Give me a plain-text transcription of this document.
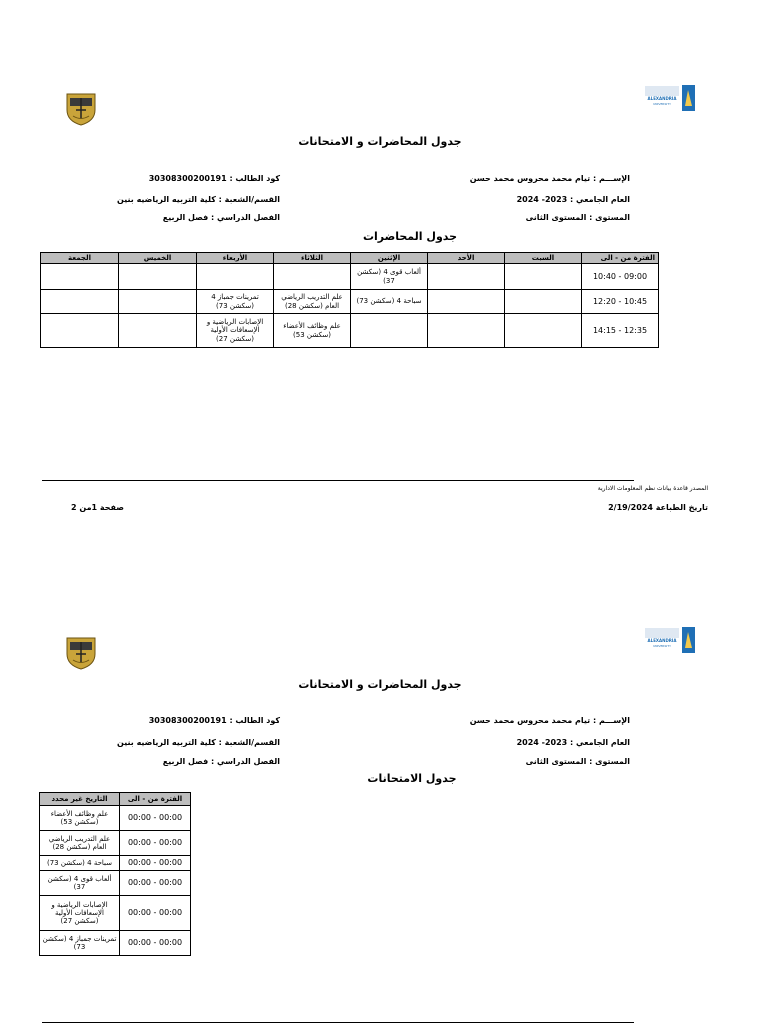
ALEXANDRIA
UNIVERSITY
جدول المحاضرات و الامتحانات
الإســـم : تيام محمد محروس محمد حسن
كود الطالب : 30308300200191
العام الجامعي : 2023- 2024
القسم/الشعبة : كلية التربيه الرياضيه بنين
المستوى : المستوى الثانى
الفصل الدراسي : فصل الربيع
جدول المحاضرات
الفترة من - الى	السبت	الأحد	الإثنين	الثلاثاء	الأربعاء	الخميس	الجمعة
09:00 - 10:40			ألعاب قوى 4 (سكشن 37)				
10:45 - 12:20			سباحة 4 (سكشن 73)	علم التدريب الرياضي العام (سكشن 28)	تمرينات جمباز 4 (سكشن 73)		
12:35 - 14:15				علم وظائف الأعضاء (سكشن 53)	الإصابات الرياضية و الإسعافات الأولية (سكشن 27)		
المصدر قاعدة بيانات نظم المعلومات الادارية
تاريخ الطباعة 2/19/2024
صفحة 1من 2
ALEXANDRIA
UNIVERSITY
جدول المحاضرات و الامتحانات
الإســـم : تيام محمد محروس محمد حسن
كود الطالب : 30308300200191
العام الجامعي : 2023- 2024
القسم/الشعبة : كلية التربيه الرياضيه بنين
المستوى : المستوى الثانى
الفصل الدراسي : فصل الربيع
جدول الامتحانات
الفترة من - الى	التاريخ غير محدد
00:00 - 00:00	علم وظائف الأعضاء (سكشن 53)
00:00 - 00:00	علم التدريب الرياضي العام (سكشن 28)
00:00 - 00:00	سباحة 4 (سكشن 73)
00:00 - 00:00	ألعاب قوى 4 (سكشن 37)
00:00 - 00:00	الإصابات الرياضية و الإسعافات الأولية (سكشن 27)
00:00 - 00:00	تمرينات جمباز 4 (سكشن 73)
